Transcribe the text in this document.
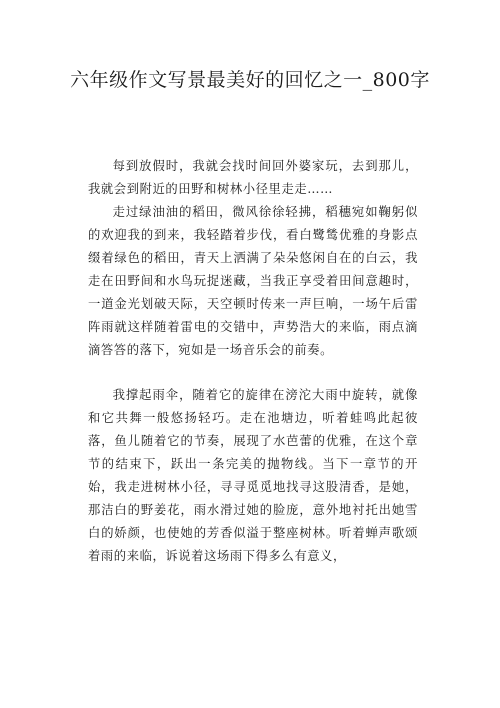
六年级作文写景最美好的回忆之一_800字

每到放假时，我就会找时间回外婆家玩，去到那儿，我就会到附近的田野和树林小径里走走……

走过绿油油的稻田，微风徐徐轻拂，稻穗宛如鞠躬似的欢迎我的到来，我轻踏着步伐，看白鹭鸶优雅的身影点缀着绿色的稻田，青天上洒满了朵朵悠闲自在的白云，我走在田野间和水鸟玩捉迷藏，当我正享受着田间意趣时，一道金光划破天际，天空顿时传来一声巨响，一场午后雷阵雨就这样随着雷电的交错中，声势浩大的来临，雨点滴滴答答的落下，宛如是一场音乐会的前奏。

我撑起雨伞，随着它的旋律在滂沱大雨中旋转，就像和它共舞一般悠扬轻巧。走在池塘边，听着蛙鸣此起彼落，鱼儿随着它的节奏，展现了水芭蕾的优雅，在这个章节的结束下，跃出一条完美的抛物线。当下一章节的开始，我走进树林小径，寻寻觅觅地找寻这股清香，是她，那洁白的野姜花，雨水滑过她的脸庞，意外地衬托出她雪白的娇颜，也使她的芳香似溢于整座树林。听着蝉声歌颂着雨的来临，诉说着这场雨下得多么有意义，
